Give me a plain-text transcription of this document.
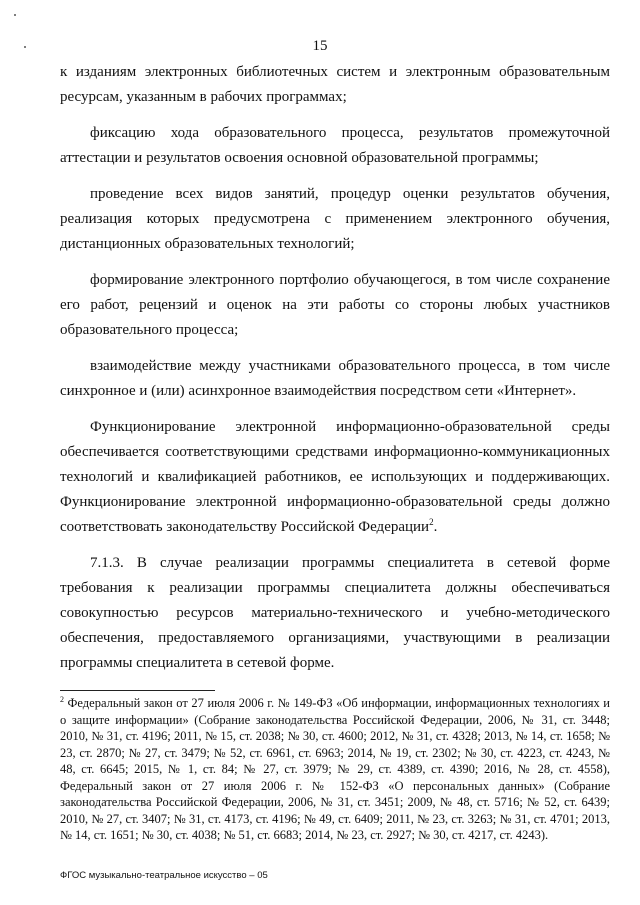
15

к изданиям электронных библиотечных систем и электронным образовательным ресурсам, указанным в рабочих программах;

фиксацию хода образовательного процесса, результатов промежуточной аттестации и результатов освоения основной образовательной программы;

проведение всех видов занятий, процедур оценки результатов обучения, реализация которых предусмотрена с применением электронного обучения, дистанционных образовательных технологий;

формирование электронного портфолио обучающегося, в том числе сохранение его работ, рецензий и оценок на эти работы со стороны любых участников образовательного процесса;

взаимодействие между участниками образовательного процесса, в том числе синхронное и (или) асинхронное взаимодействия посредством сети «Интернет».

Функционирование электронной информационно-образовательной среды обеспечивается соответствующими средствами информационно-коммуникационных технологий и квалификацией работников, ее использующих и поддерживающих. Функционирование электронной информационно-образовательной среды должно соответствовать законодательству Российской Федерации$^2$.

7.1.3. В случае реализации программы специалитета в сетевой форме требования к реализации программы специалитета должны обеспечиваться совокупностью ресурсов материально-технического и учебно-методического обеспечения, предоставляемого организациями, участвующими в реализации программы специалитета в сетевой форме.

$^2$ Федеральный закон от 27 июля 2006 г. № 149-ФЗ «Об информации, информационных технологиях и о защите информации» (Собрание законодательства Российской Федерации, 2006, № 31, ст. 3448; 2010, № 31, ст. 4196; 2011, № 15, ст. 2038; № 30, ст. 4600; 2012, № 31, ст. 4328; 2013, № 14, ст. 1658; № 23, ст. 2870; № 27, ст. 3479; № 52, ст. 6961, ст. 6963; 2014, № 19, ст. 2302; № 30, ст. 4223, ст. 4243, № 48, ст. 6645; 2015, № 1, ст. 84; № 27, ст. 3979; № 29, ст. 4389, ст. 4390; 2016, № 28, ст. 4558), Федеральный закон от 27 июля 2006 г. № 152-ФЗ «О персональных данных» (Собрание законодательства Российской Федерации, 2006, № 31, ст. 3451; 2009, № 48, ст. 5716; № 52, ст. 6439; 2010, № 27, ст. 3407; № 31, ст. 4173, ст. 4196; № 49, ст. 6409; 2011, № 23, ст. 3263; № 31, ст. 4701; 2013, № 14, ст. 1651; № 30, ст. 4038; № 51, ст. 6683; 2014, № 23, ст. 2927; № 30, ст. 4217, ст. 4243).
ФГОС музыкально-театральное искусство – 05
